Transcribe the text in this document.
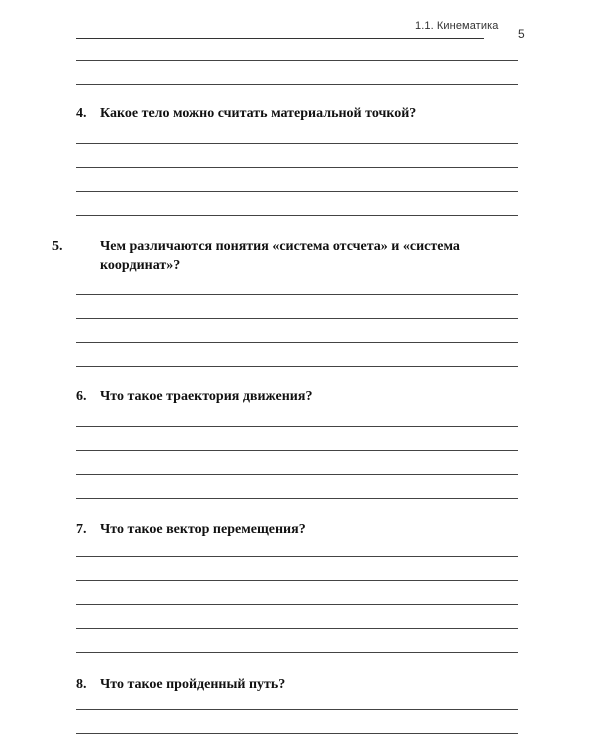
1.1. Кинематика
5
4. Какое тело можно считать материальной точкой?
5.	Чем различаются понятия «система отсчета» и «система координат»?
6. Что такое траектория движения?
7. Что такое вектор перемещения?
8. Что такое пройденный путь?
